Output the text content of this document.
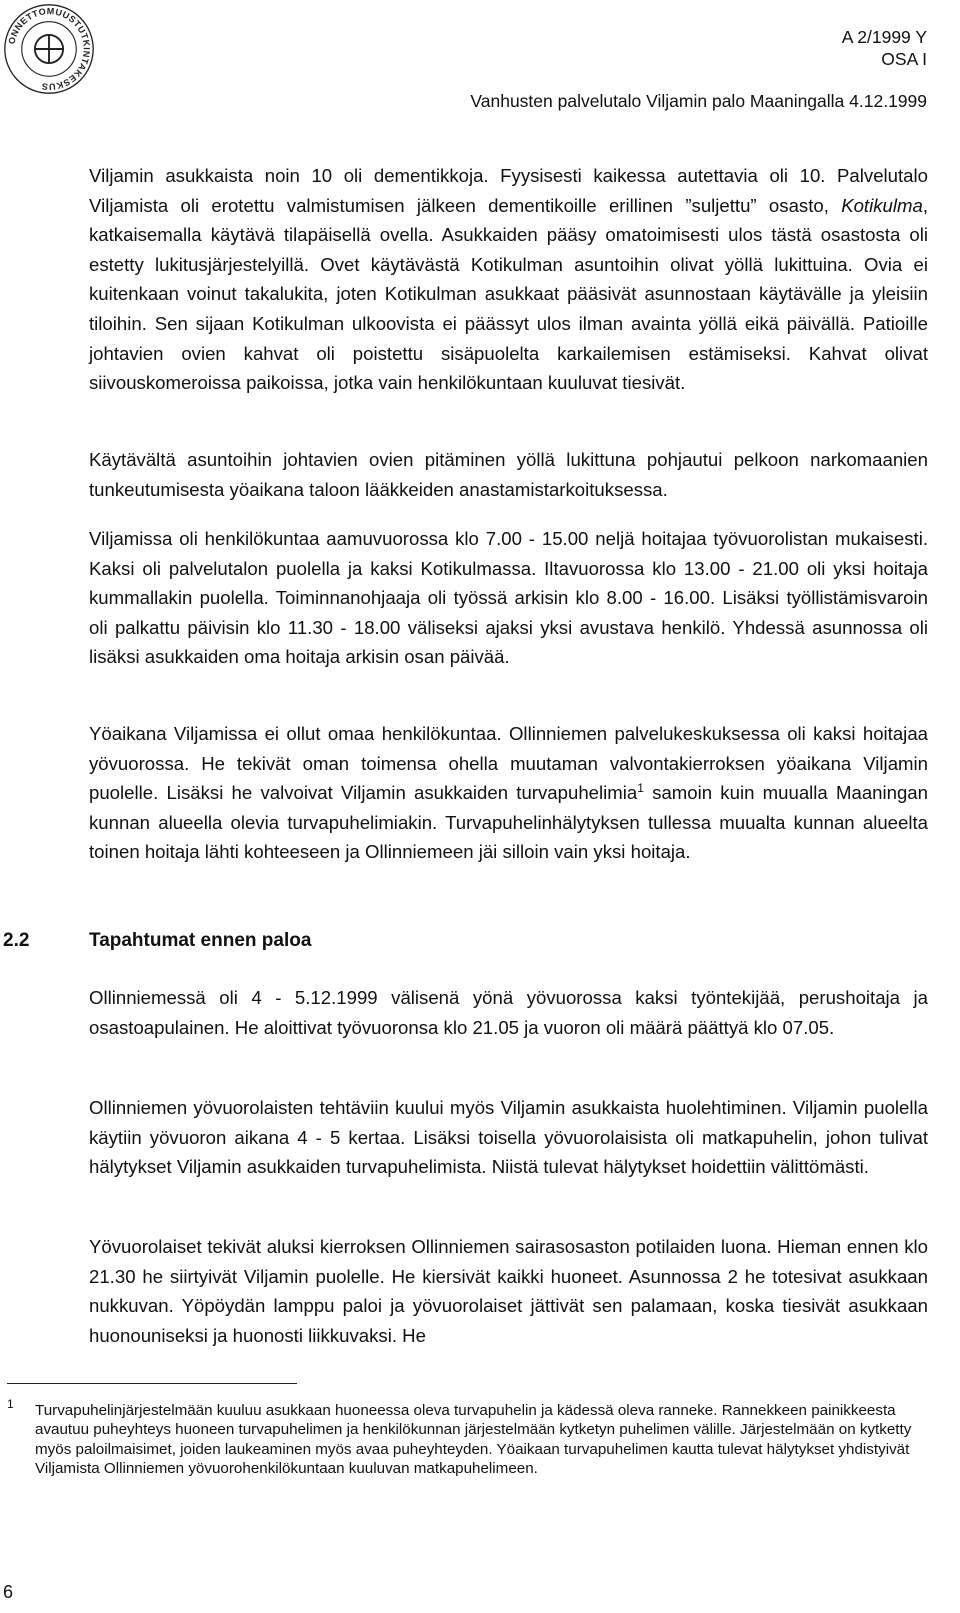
ONNETTOMUUSTUTKINTAKESKUS
A 2/1999 Y
OSA I
Vanhusten palvelutalo Viljamin palo Maaningalla 4.12.1999

Viljamin asukkaista noin 10 oli dementikkoja. Fyysisesti kaikessa autettavia oli 10. Palvelutalo Viljamista oli erotettu valmistumisen jälkeen dementikoille erillinen ”suljettu” osasto, Kotikulma, katkaisemalla käytävä tilapäisellä ovella. Asukkaiden pääsy omatoimisesti ulos tästä osastosta oli estetty lukitusjärjestelyillä. Ovet käytävästä Kotikulman asuntoihin olivat yöllä lukittuina. Ovia ei kuitenkaan voinut takalukita, joten Kotikulman asukkaat pääsivät asunnostaan käytävälle ja yleisiin tiloihin. Sen sijaan Kotikulman ulkoovista ei päässyt ulos ilman avainta yöllä eikä päivällä. Patioille johtavien ovien kahvat oli poistettu sisäpuolelta karkailemisen estämiseksi. Kahvat olivat siivouskomeroissa paikoissa, jotka vain henkilökuntaan kuuluvat tiesivät.

Käytävältä asuntoihin johtavien ovien pitäminen yöllä lukittuna pohjautui pelkoon narkomaanien tunkeutumisesta yöaikana taloon lääkkeiden anastamistarkoituksessa.

Viljamissa oli henkilökuntaa aamuvuorossa klo 7.00 - 15.00 neljä hoitajaa työvuorolistan mukaisesti. Kaksi oli palvelutalon puolella ja kaksi Kotikulmassa. Iltavuorossa klo 13.00 - 21.00 oli yksi hoitaja kummallakin puolella. Toiminnanohjaaja oli työssä arkisin klo 8.00 - 16.00. Lisäksi työllistämisvaroin oli palkattu päivisin klo 11.30 - 18.00 väliseksi ajaksi yksi avustava henkilö. Yhdessä asunnossa oli lisäksi asukkaiden oma hoitaja arkisin osan päivää.

Yöaikana Viljamissa ei ollut omaa henkilökuntaa. Ollinniemen palvelukeskuksessa oli kaksi hoitajaa yövuorossa. He tekivät oman toimensa ohella muutaman valvontakierroksen yöaikana Viljamin puolelle. Lisäksi he valvoivat Viljamin asukkaiden turvapuhelimia$^1$ samoin kuin muualla Maaningan kunnan alueella olevia turvapuhelimiakin. Turvapuhelinhälytyksen tullessa muualta kunnan alueelta toinen hoitaja lähti kohteeseen ja Ollinniemeen jäi silloin vain yksi hoitaja.

2.2	Tapahtumat ennen paloa

Ollinniemessä oli 4 - 5.12.1999 välisenä yönä yövuorossa kaksi työntekijää, perushoitaja ja osastoapulainen. He aloittivat työvuoronsa klo 21.05 ja vuoron oli määrä päättyä klo 07.05.

Ollinniemen yövuorolaisten tehtäviin kuului myös Viljamin asukkaista huolehtiminen. Viljamin puolella käytiin yövuoron aikana 4 - 5 kertaa. Lisäksi toisella yövuorolaisista oli matkapuhelin, johon tulivat hälytykset Viljamin asukkaiden turvapuhelimista. Niistä tulevat hälytykset hoidettiin välittömästi.

Yövuorolaiset tekivät aluksi kierroksen Ollinniemen sairasosaston potilaiden luona. Hieman ennen klo 21.30 he siirtyivät Viljamin puolelle. He kiersivät kaikki huoneet. Asunnossa 2 he totesivat asukkaan nukkuvan. Yöpöydän lamppu paloi ja yövuorolaiset jättivät sen palamaan, koska tiesivät asukkaan huonouniseksi ja huonosti liikkuvaksi. He

1 Turvapuhelinjärjestelmään kuuluu asukkaan huoneessa oleva turvapuhelin ja kädessä oleva ranneke. Rannekkeen painikkeesta avautuu puheyhteys huoneen turvapuhelimen ja henkilökunnan järjestelmään kytketyn puhelimen välille. Järjestelmään on kytketty myös paloilmaisimet, joiden laukeaminen myös avaa puheyhteyden. Yöaikaan turvapuhelimen kautta tulevat hälytykset yhdistyivät Viljamista Ollinniemen yövuorohenkilökuntaan kuuluvan matkapuhelimeen.

6
